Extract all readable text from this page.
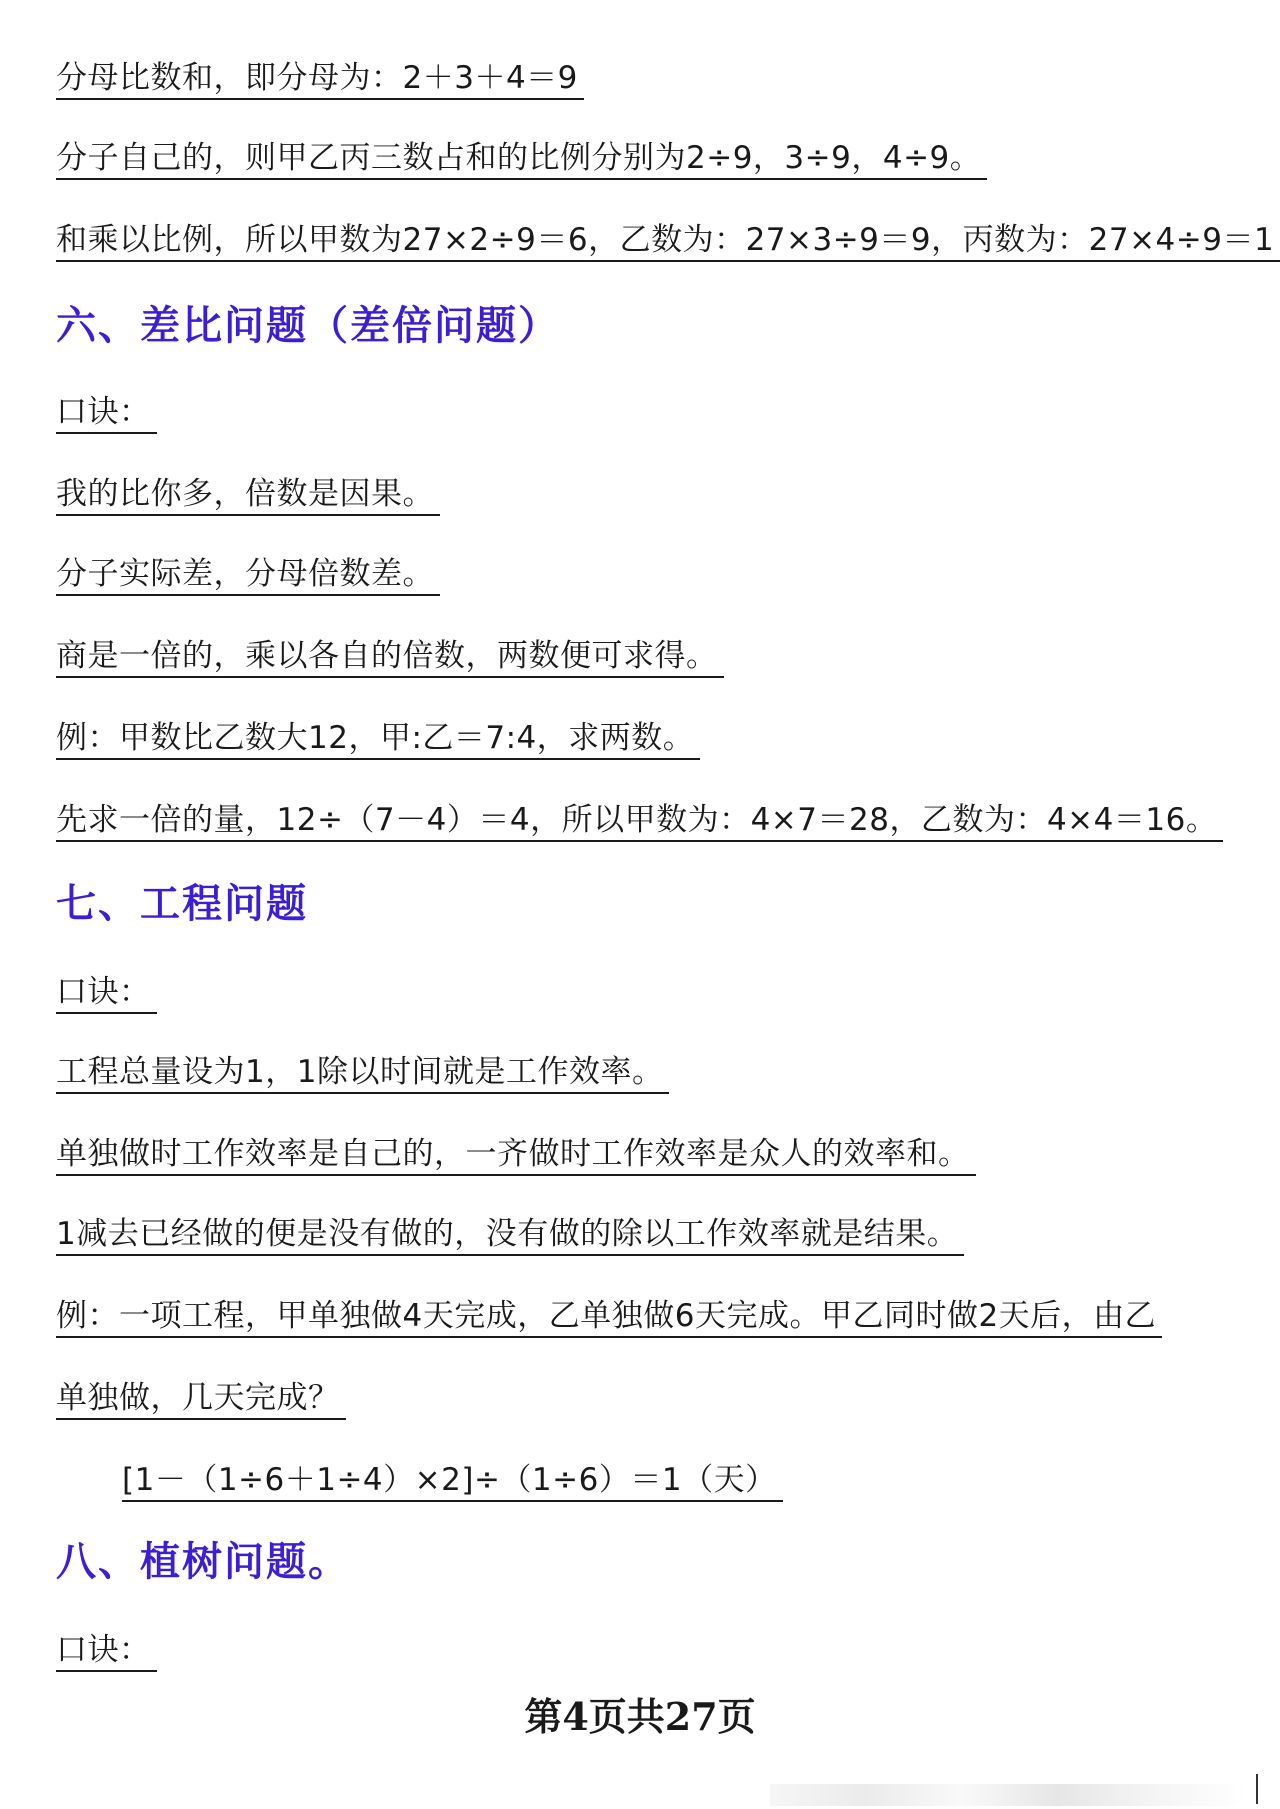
分母比数和，即分母为：2＋3＋4＝9
分子自己的，则甲乙丙三数占和的比例分别为2÷9，3÷9，4÷9。
和乘以比例，所以甲数为27×2÷9＝6，乙数为：27×3÷9＝9，丙数为：27×4÷9＝1
六、差比问题（差倍问题）
口诀：
我的比你多，倍数是因果。
分子实际差，分母倍数差。
商是一倍的，乘以各自的倍数，两数便可求得。
例：甲数比乙数大12，甲:乙＝7:4，求两数。
先求一倍的量，12÷（7－4）＝4，所以甲数为：4×7＝28，乙数为：4×4＝16。
七、工程问题
口诀：
工程总量设为1，1除以时间就是工作效率。
单独做时工作效率是自己的，一齐做时工作效率是众人的效率和。
1减去已经做的便是没有做的，没有做的除以工作效率就是结果。
例：一项工程，甲单独做4天完成，乙单独做6天完成。甲乙同时做2天后，由乙
单独做，几天完成？
[1－（1÷6＋1÷4）×2]÷（1÷6）＝1（天）
八、植树问题。
口诀：
第4页共27页
